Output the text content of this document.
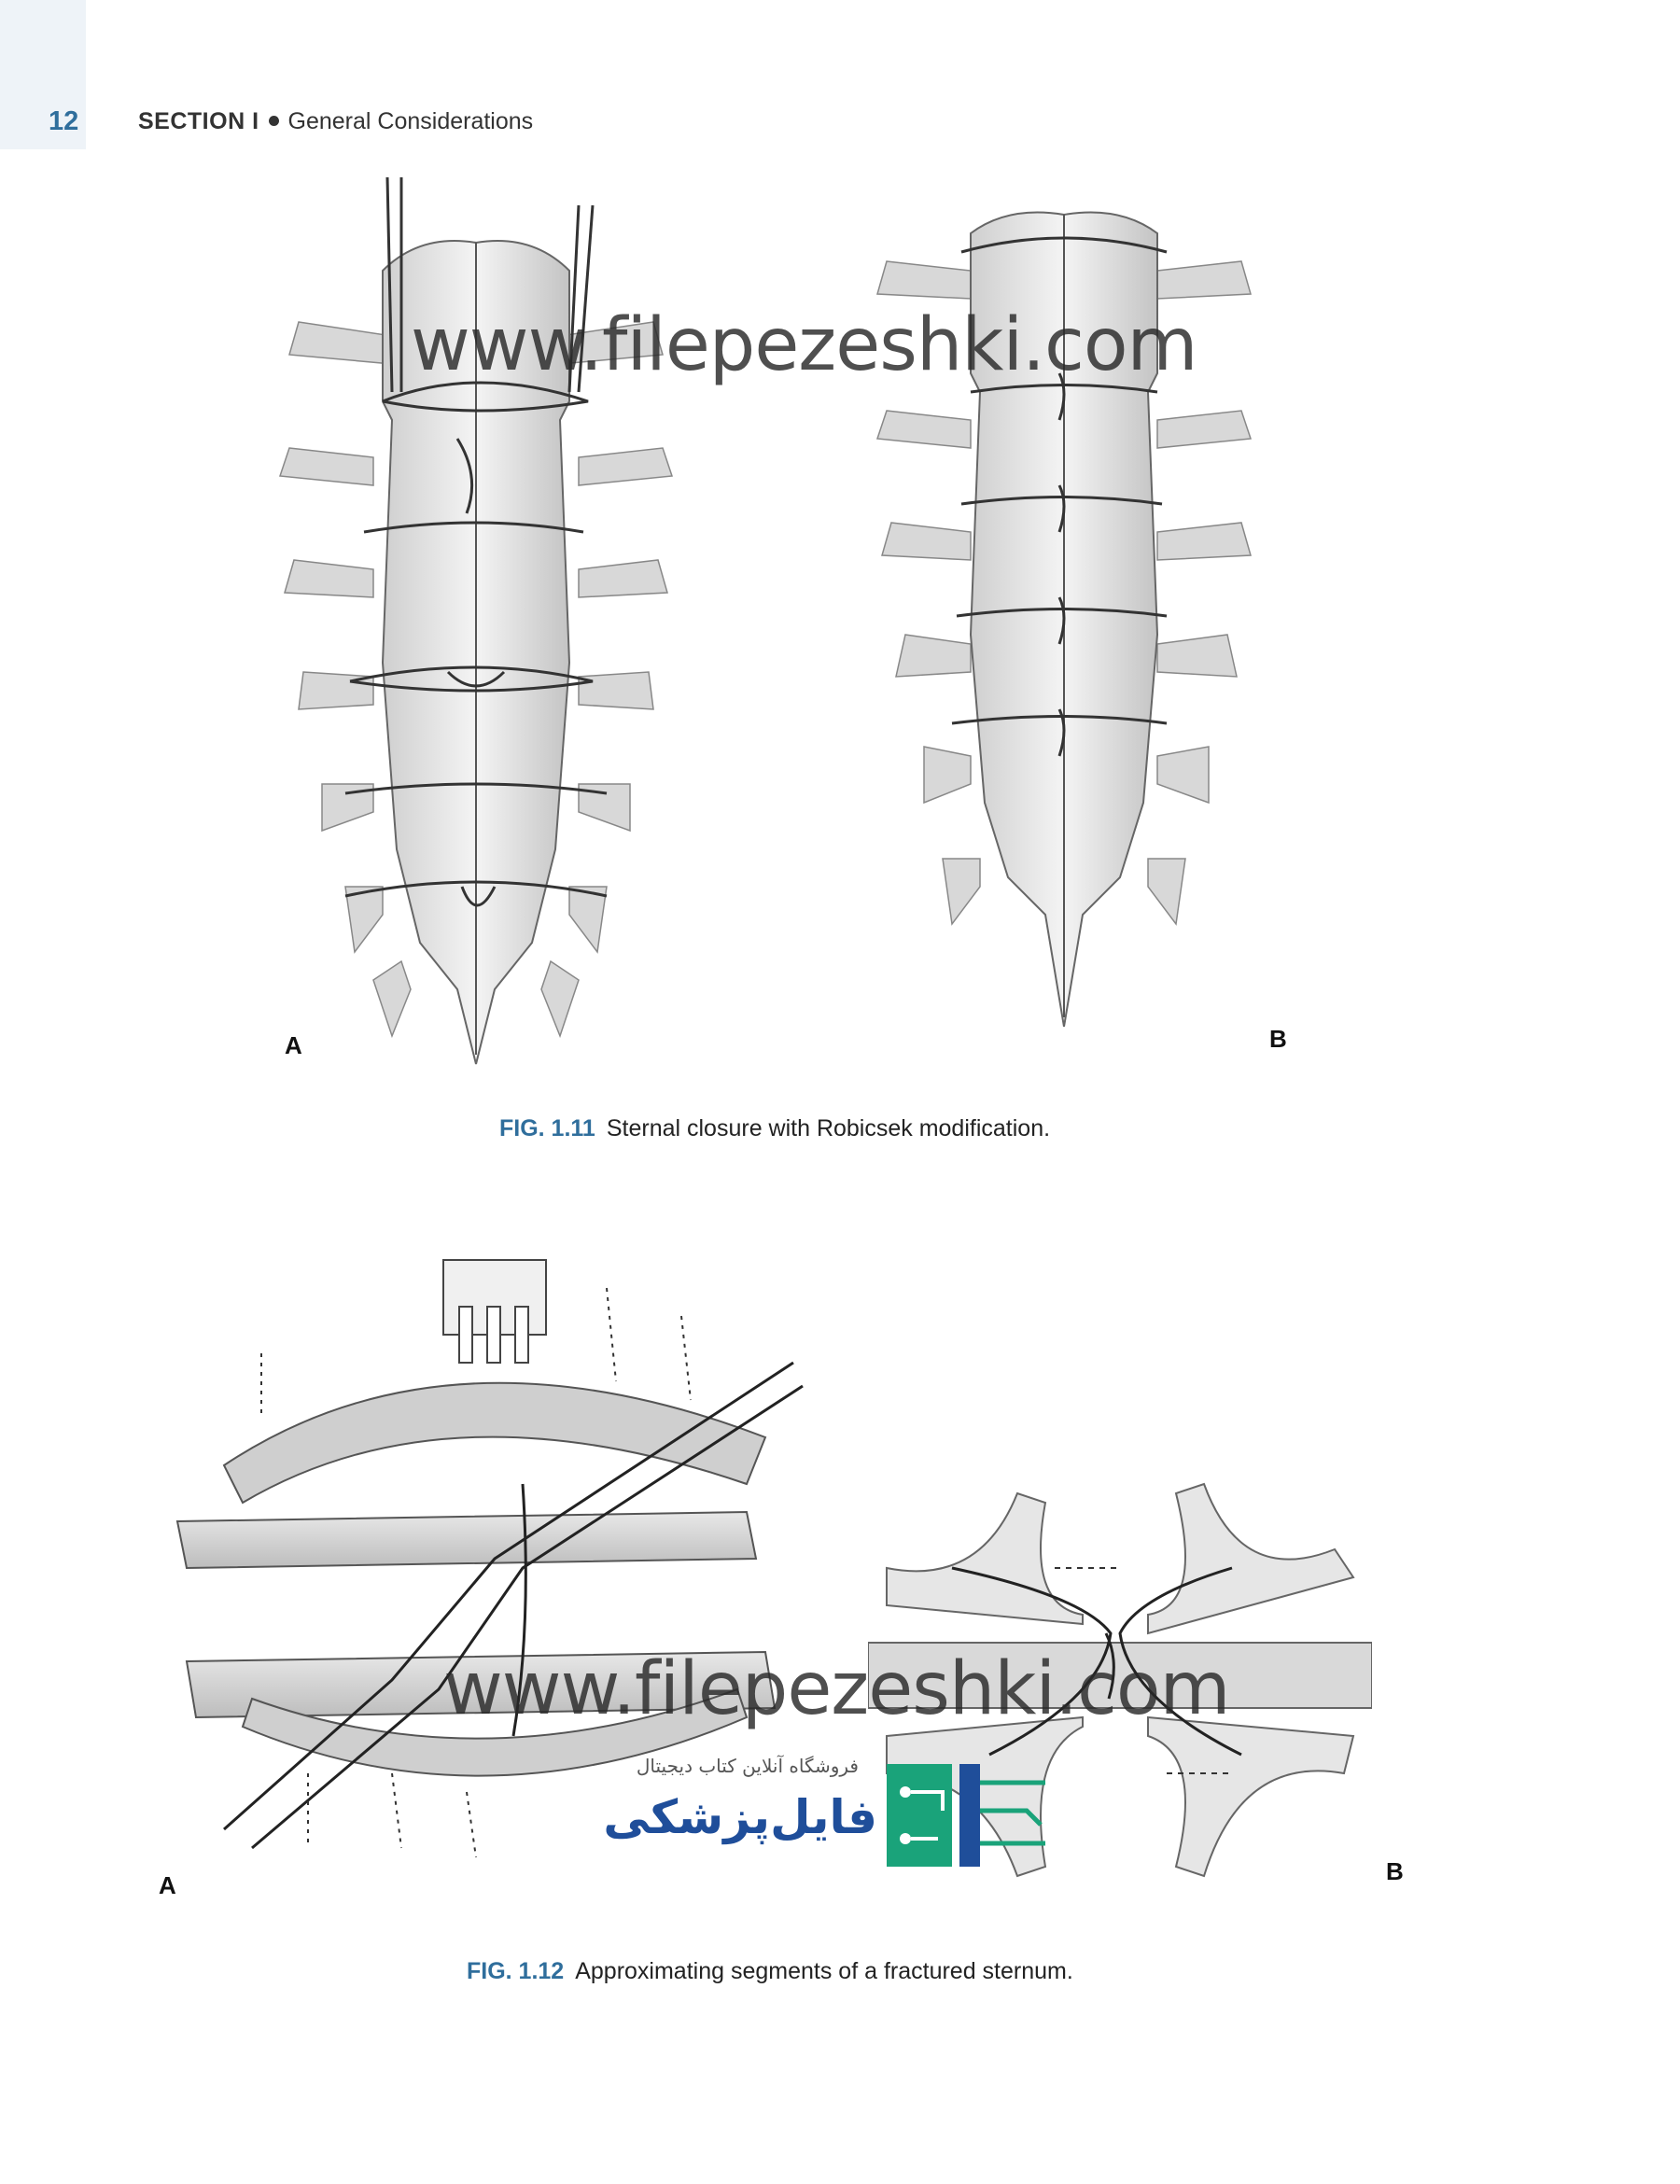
12	SECTION I General Considerations
www.filepezeshki.com
A	B
FIG. 1.11 Sternal closure with Robicsek modification.
www.filepezeshki.com
فروشگاه آنلاین کتاب دیجیتال
فایل‌پزشکی
A	B
FIG. 1.12 Approximating segments of a fractured sternum.
